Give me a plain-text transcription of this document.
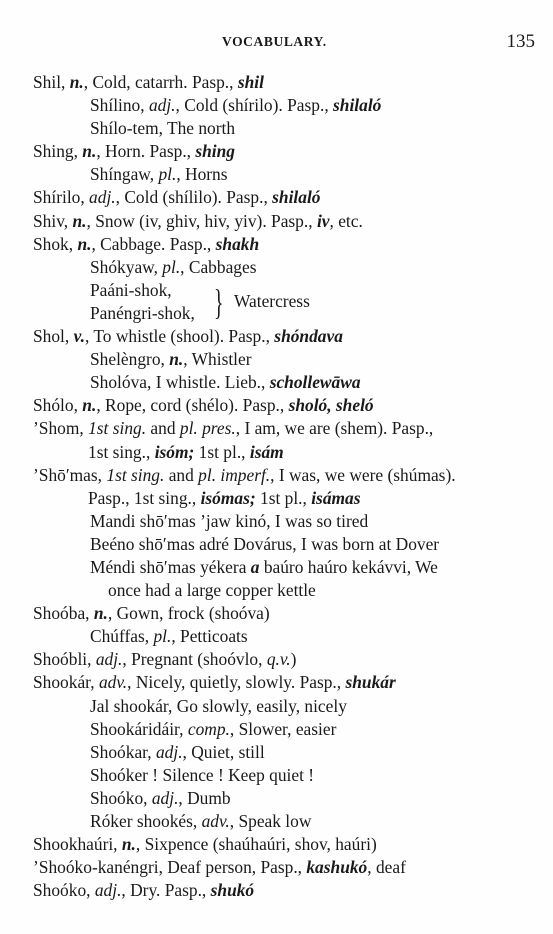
VOCABULARY.	135
Shil, n., Cold, catarrh. Pasp., shil
Shílino, adj., Cold (shírilo). Pasp., shilaló
Shílo-tem, The north
Shing, n., Horn. Pasp., shing
Shíngaw, pl., Horns
Shírilo, adj., Cold (shílilo). Pasp., shilaló
Shiv, n., Snow (iv, ghiv, hiv, yiv). Pasp., iv, etc.
Shok, n., Cabbage. Pasp., shakh
Shókyaw, pl., Cabbages
Paáni-shok,
Panéngri-shok, } Watercress
Shol, v., To whistle (shool). Pasp., shóndava
Shelèngro, n., Whistler
Sholóva, I whistle. Lieb., schollewāwa
Shólo, n., Rope, cord (shélo). Pasp., sholó, sheló
’Shom, 1st sing. and pl. pres., I am, we are (shem). Pasp.,
1st sing., isóm; 1st pl., isám
’Shō′mas, 1st sing. and pl. imperf., I was, we were (shúmas).
Pasp., 1st sing., isómas; 1st pl., isámas
Mandi shō′mas ’jaw kinó, I was so tired
Beéno shō′mas adré Dovárus, I was born at Dover
Méndi shō′mas yékera a baúro haúro kekávvi, We
once had a large copper kettle
Shoóba, n., Gown, frock (shoóva)
Chúffas, pl., Petticoats
Shoóbli, adj., Pregnant (shoóvlo, q.v.)
Shookár, adv., Nicely, quietly, slowly. Pasp., shukár
Jal shookár, Go slowly, easily, nicely
Shookáridáir, comp., Slower, easier
Shoókar, adj., Quiet, still
Shoóker ! Silence ! Keep quiet !
Shoóko, adj., Dumb
Róker shookés, adv., Speak low
Shookhaúri, n., Sixpence (shaúhaúri, shov, haúri)
’Shoóko-kanéngri, Deaf person, Pasp., kashukó, deaf
Shoóko, adj., Dry. Pasp., shukó
